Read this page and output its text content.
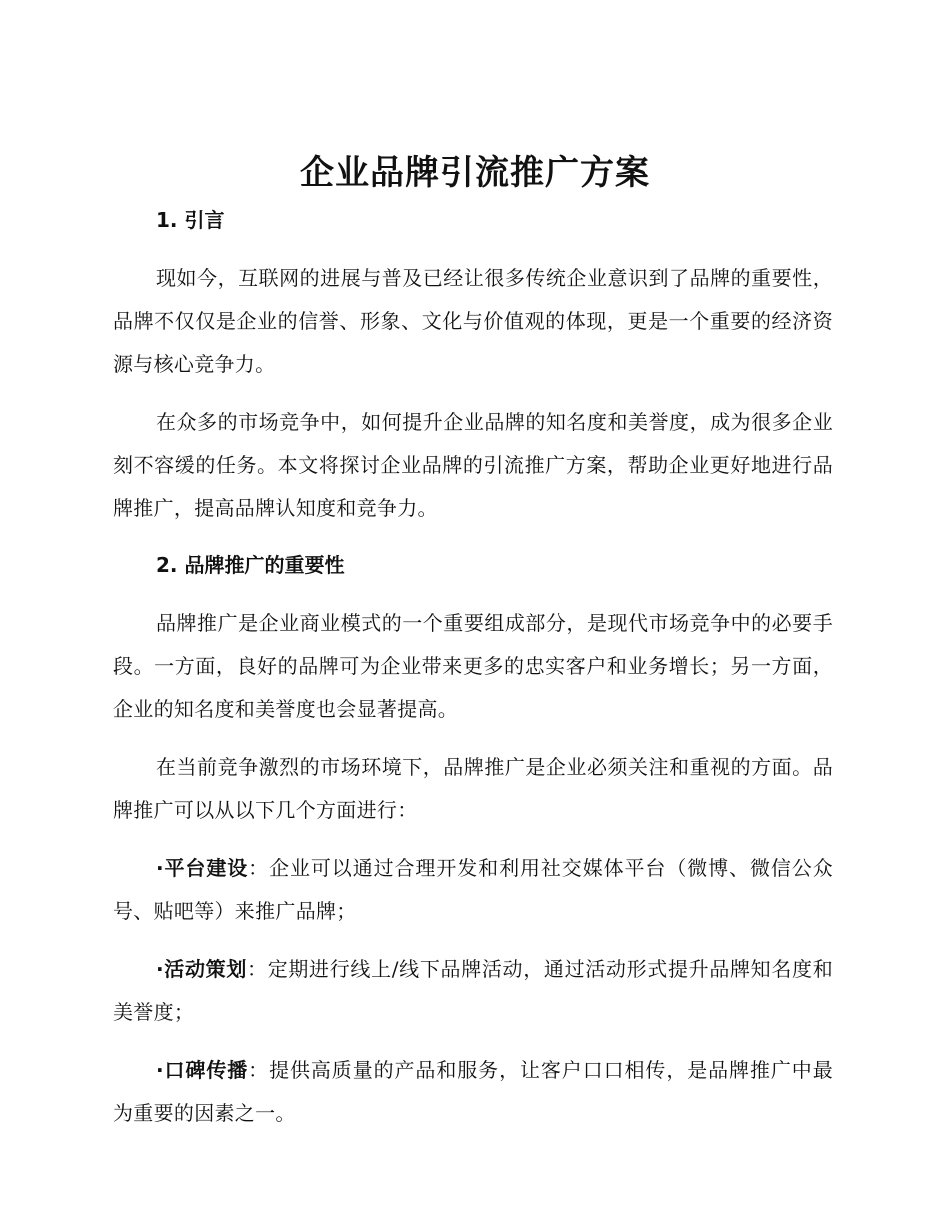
企业品牌引流推广方案
1. 引言

现如今，互联网的进展与普及已经让很多传统企业意识到了品牌的重要性，品牌不仅仅是企业的信誉、形象、文化与价值观的体现，更是一个重要的经济资源与核心竞争力。

在众多的市场竞争中，如何提升企业品牌的知名度和美誉度，成为很多企业刻不容缓的任务。本文将探讨企业品牌的引流推广方案，帮助企业更好地进行品牌推广，提高品牌认知度和竞争力。

2. 品牌推广的重要性

品牌推广是企业商业模式的一个重要组成部分，是现代市场竞争中的必要手段。一方面，良好的品牌可为企业带来更多的忠实客户和业务增长；另一方面，企业的知名度和美誉度也会显著提高。

在当前竞争激烈的市场环境下，品牌推广是企业必须关注和重视的方面。品牌推广可以从以下几个方面进行：

·平台建设：企业可以通过合理开发和利用社交媒体平台（微博、微信公众号、贴吧等）来推广品牌；

·活动策划：定期进行线上/线下品牌活动，通过活动形式提升品牌知名度和美誉度；

·口碑传播：提供高质量的产品和服务，让客户口口相传，是品牌推广中最为重要的因素之一。
